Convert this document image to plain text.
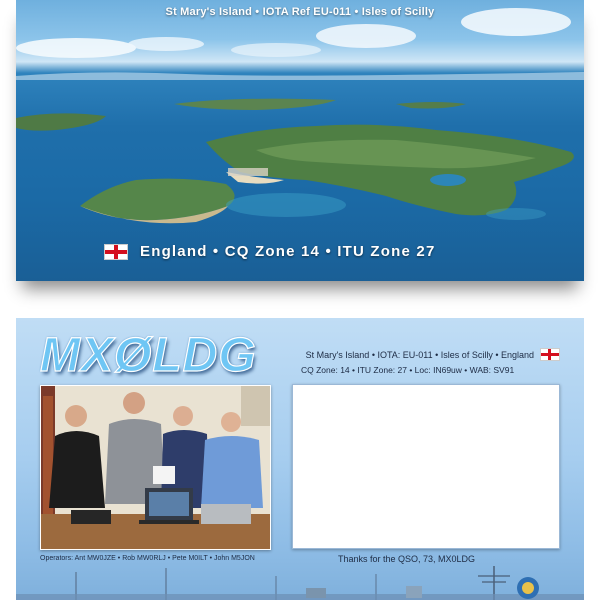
St Mary's Island • IOTA Ref EU-011 • Isles of Scilly
England • CQ Zone 14 • ITU Zone 27
MXØLDG	St Mary's Island • IOTA: EU-011 • Isles of Scilly • England
CQ Zone: 14 • ITU Zone: 27 • Loc: IN69uw • WAB: SV91
Operators: Ant MW0JZE • Rob MW0RLJ • Pete M0ILT • John M5JON	Thanks for the QSO, 73, MX0LDG
